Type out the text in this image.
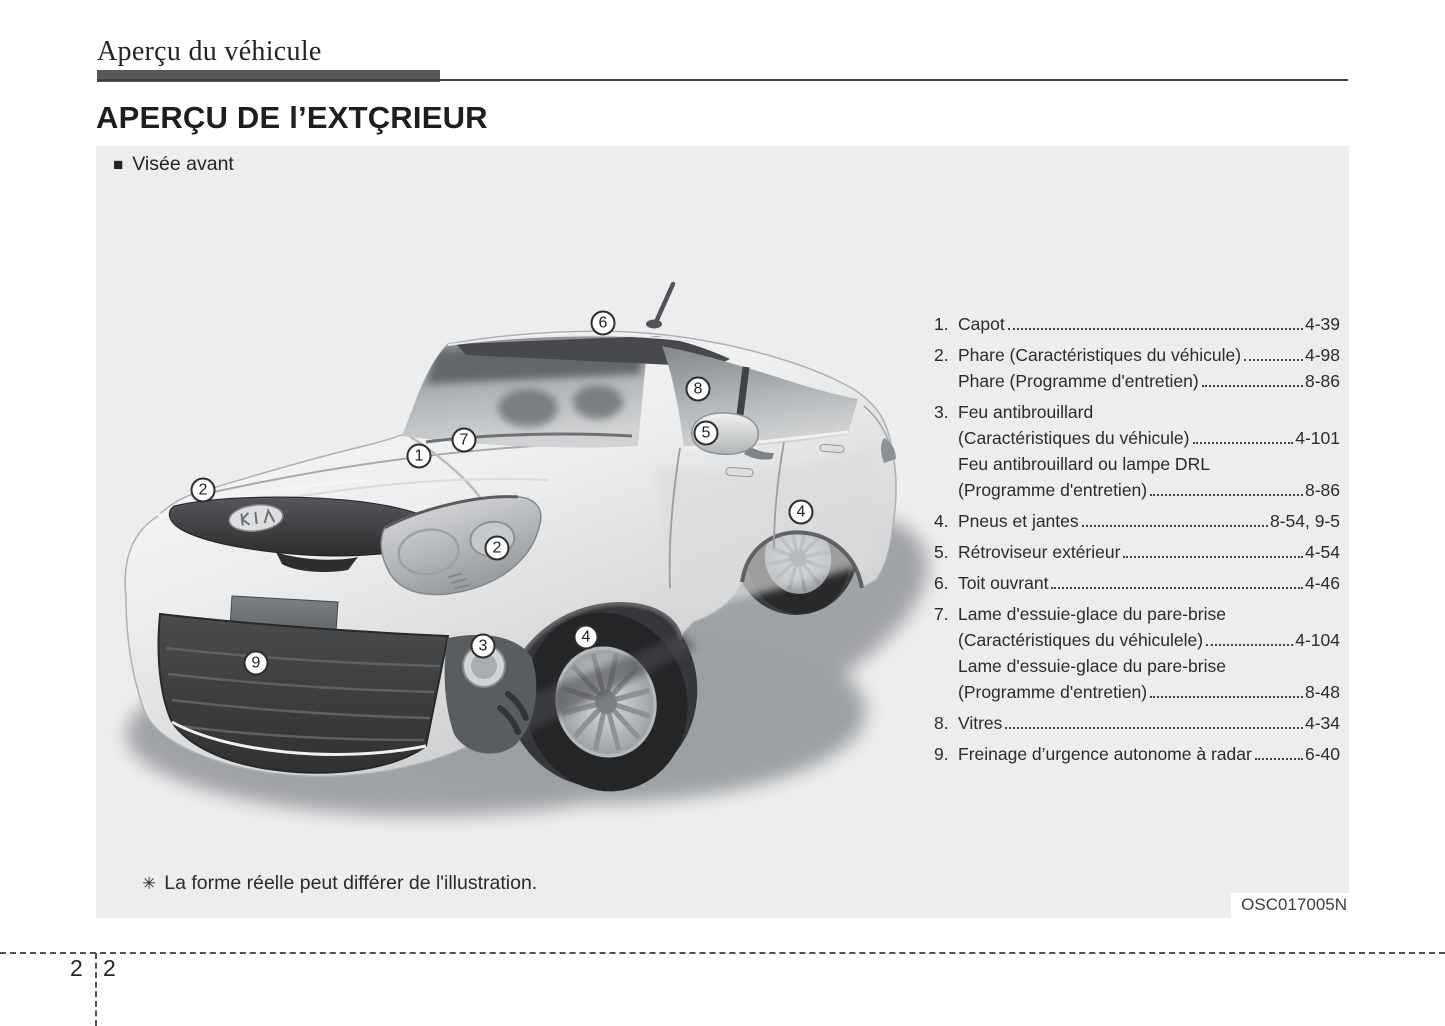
Aperçu du véhicule
APERÇU DE l’EXTÇRIEUR
■ Visée avant
6
8
5
7
1
2
4
2
4
3
9
1. Capot	4-39
2. Phare (Caractéristiques du véhicule)	4-98
Phare (Programme d'entretien)	8-86
3. Feu antibrouillard
(Caractéristiques du véhicule)	4-101
Feu antibrouillard ou lampe DRL
(Programme d'entretien)	8-86
4. Pneus et jantes	8-54, 9-5
5. Rétroviseur extérieur	4-54
6. Toit ouvrant	4-46
7. Lame d'essuie-glace du pare-brise
(Caractéristiques du véhiculele)	4-104
Lame d'essuie-glace du pare-brise
(Programme d'entretien)	8-48
8. Vitres	4-34
9. Freinage d’urgence autonome à radar	6-40
✳ La forme réelle peut différer de l'illustration.
OSC017005N
2 2
